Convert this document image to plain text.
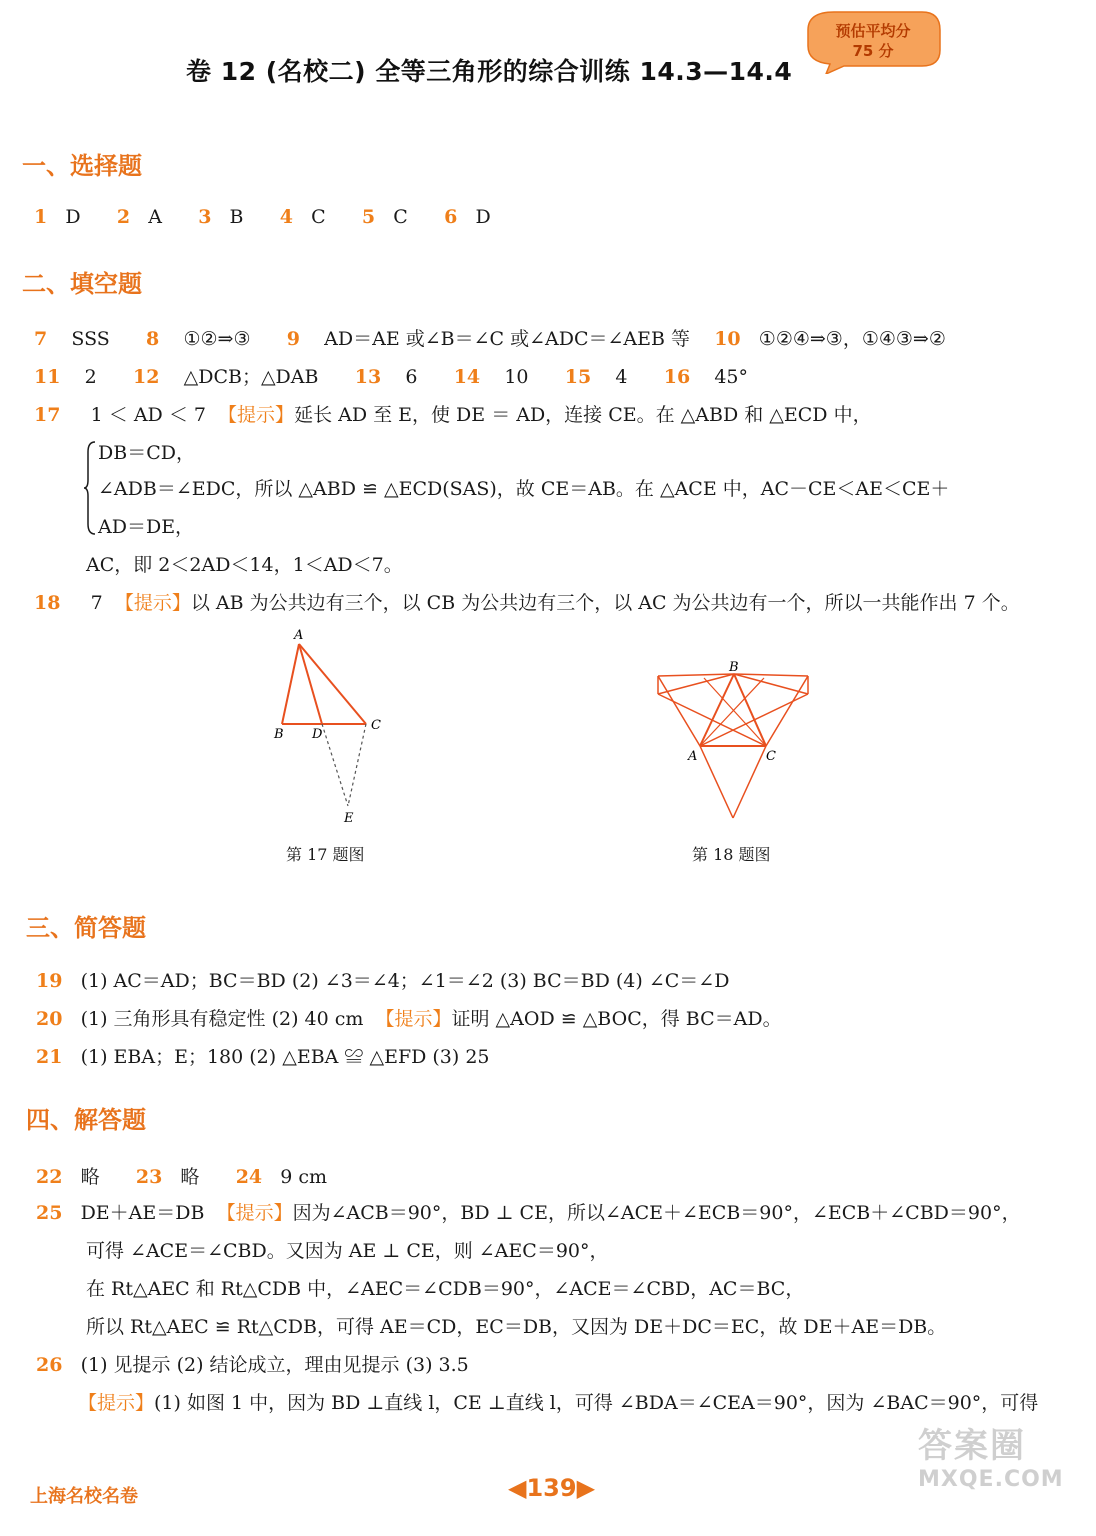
卷 12 (名校二) 全等三角形的综合训练 14.3—14.4
预估平均分
75 分
一、选择题
1 D 2 A 3 B 4 C 5 C 6 D
二、填空题
7 SSS 8 ①②⇒③ 9 AD＝AE 或∠B＝∠C 或∠ADC＝∠AEB 等 10 ①②④⇒③，①④③⇒②
11 2 12 △DCB；△DAB 13 6 14 10 15 4 16 45°
17 1 ＜ AD ＜ 7 【提示】延长 AD 至 E，使 DE ＝ AD，连接 CE。在 △ABD 和 △ECD 中，
DB＝CD，
∠ADB＝∠EDC，所以 △ABD ≌ △ECD(SAS)，故 CE＝AB。在 △ACE 中，AC－CE＜AE＜CE＋
AD＝DE，
AC，即 2＜2AD＜14，1＜AD＜7。
18 7 【提示】以 AB 为公共边有三个，以 CB 为公共边有三个，以 AC 为公共边有一个，所以一共能作出 7 个。
A
B D
C
E
第 17 题图
B
A	C
第 18 题图
三、简答题
19 (1) AC＝AD；BC＝BD (2) ∠3＝∠4；∠1＝∠2 (3) BC＝BD (4) ∠C＝∠D
20 (1) 三角形具有稳定性 (2) 40 cm 【提示】证明 △AOD ≌ △BOC，得 BC＝AD。
21 (1) EBA；E；180 (2) △EBA ≌ △EFD (3) 25
四、解答题
22 略 23 略 24 9 cm
25 DE＋AE＝DB 【提示】因为∠ACB＝90°，BD ⊥ CE，所以∠ACE＋∠ECB＝90°，∠ECB＋∠CBD＝90°，
可得 ∠ACE＝∠CBD。又因为 AE ⊥ CE，则 ∠AEC＝90°，
在 Rt△AEC 和 Rt△CDB 中，∠AEC＝∠CDB＝90°，∠ACE＝∠CBD，AC＝BC，
所以 Rt△AEC ≌ Rt△CDB，可得 AE＝CD，EC＝DB，又因为 DE＋DC＝EC，故 DE＋AE＝DB。
26 (1) 见提示 (2) 结论成立，理由见提示 (3) 3.5
【提示】(1) 如图 1 中，因为 BD ⊥直线 l，CE ⊥直线 l，可得 ∠BDA＝∠CEA＝90°，因为 ∠BAC＝90°，可得
上海名校名卷	◀139▶
答案圈
MXQE.COM
